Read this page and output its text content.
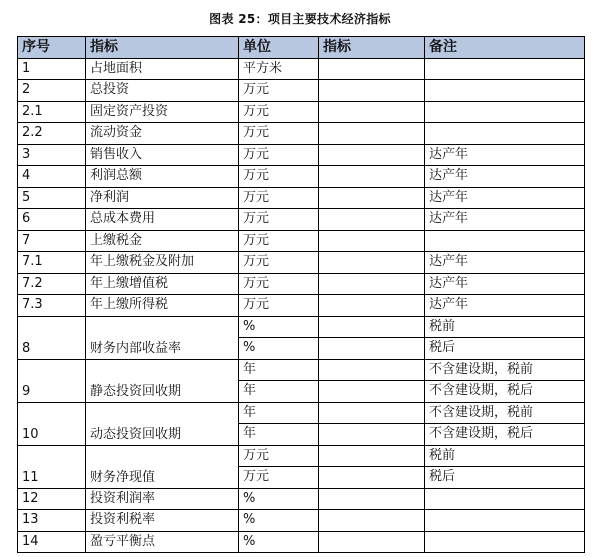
图表 25：项目主要技术经济指标
序号	指标	单位	指标	备注
1	占地面积	平方米		
2	总投资	万元		
2.1	固定资产投资	万元		
2.2	流动资金	万元		
3	销售收入	万元		达产年
4	利润总额	万元		达产年
5	净利润	万元		达产年
6	总成本费用	万元		达产年
7	上缴税金	万元		
7.1	年上缴税金及附加	万元		达产年
7.2	年上缴增值税	万元		达产年
7.3	年上缴所得税	万元		达产年
8	财务内部收益率	%		税前
		%		税后
9	静态投资回收期	年		不含建设期，税前
		年		不含建设期，税后
10	动态投资回收期	年		不含建设期，税前
		年		不含建设期，税后
11	财务净现值	万元		税前
		万元		税后
12	投资利润率	%		
13	投资利税率	%		
14	盈亏平衡点	%		
